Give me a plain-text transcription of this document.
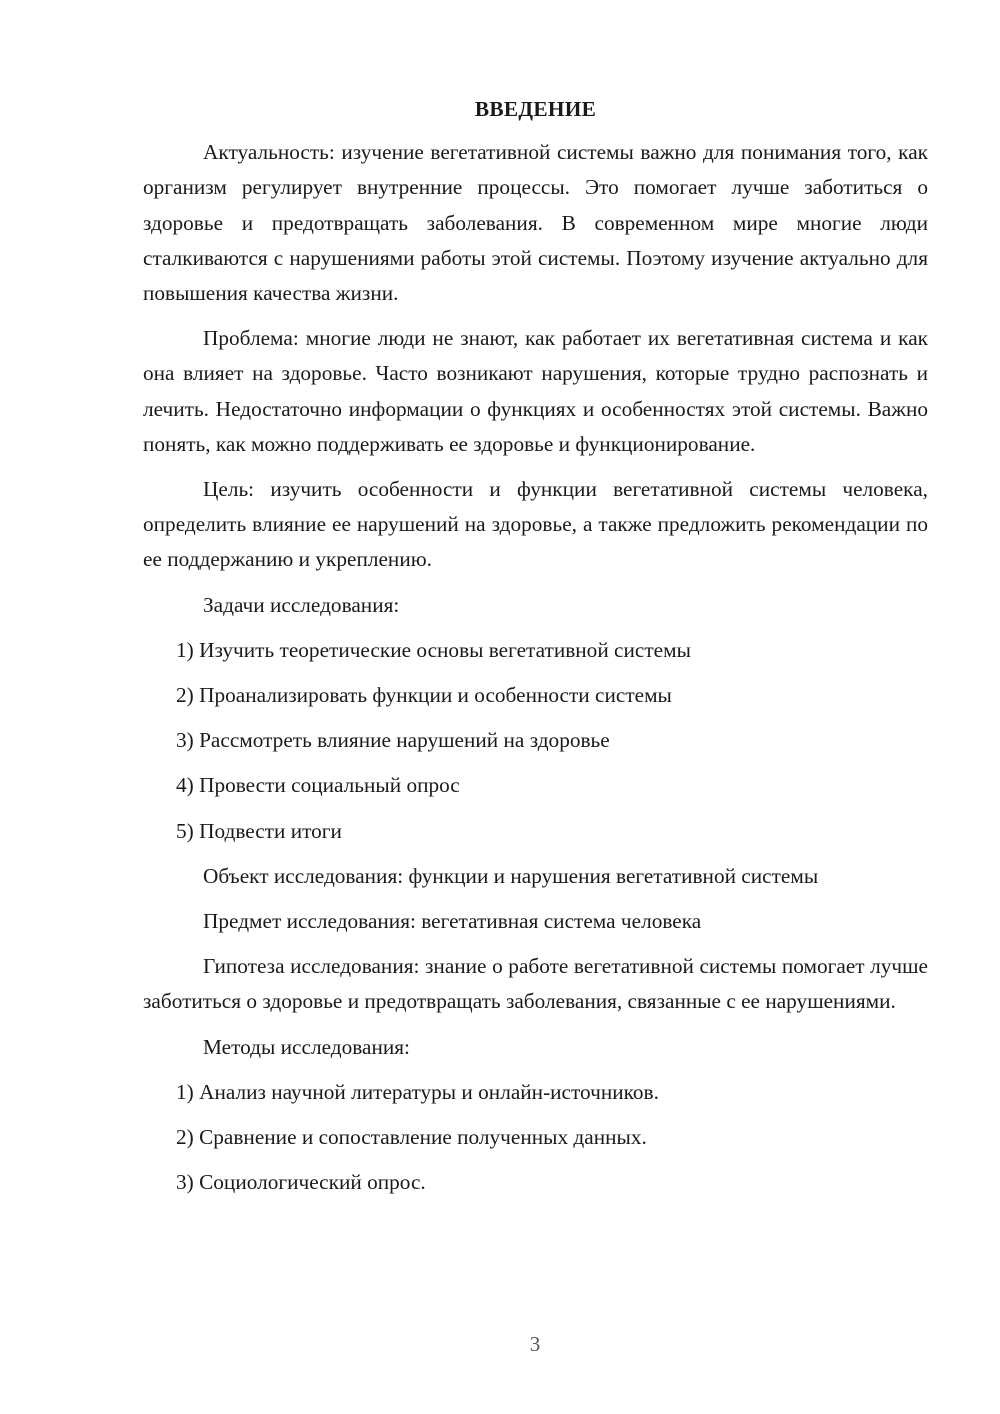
ВВЕДЕНИЕ

Актуальность: изучение вегетативной системы важно для понимания того, как организм регулирует внутренние процессы. Это помогает лучше заботиться о здоровье и предотвращать заболевания. В современном мире многие люди сталкиваются с нарушениями работы этой системы. Поэтому изучение актуально для повышения качества жизни.

Проблема: многие люди не знают, как работает их вегетативная система и как она влияет на здоровье. Часто возникают нарушения, которые трудно распознать и лечить. Недостаточно информации о функциях и особенностях этой системы. Важно понять, как можно поддерживать ее здоровье и функционирование.

Цель: изучить особенности и функции вегетативной системы человека, определить влияние ее нарушений на здоровье, а также предложить рекомендации по ее поддержанию и укреплению.

Задачи исследования:
1) Изучить теоретические основы вегетативной системы
2) Проанализировать функции и особенности системы
3) Рассмотреть влияние нарушений на здоровье
4) Провести социальный опрос
5) Подвести итоги
Объект исследования: функции и нарушения вегетативной системы
Предмет исследования: вегетативная система человека

Гипотеза исследования: знание о работе вегетативной системы помогает лучше заботиться о здоровье и предотвращать заболевания, связанные с ее нарушениями.

Методы исследования:
1) Анализ научной литературы и онлайн-источников.
2) Сравнение и сопоставление полученных данных.
3) Социологический опрос.
3
